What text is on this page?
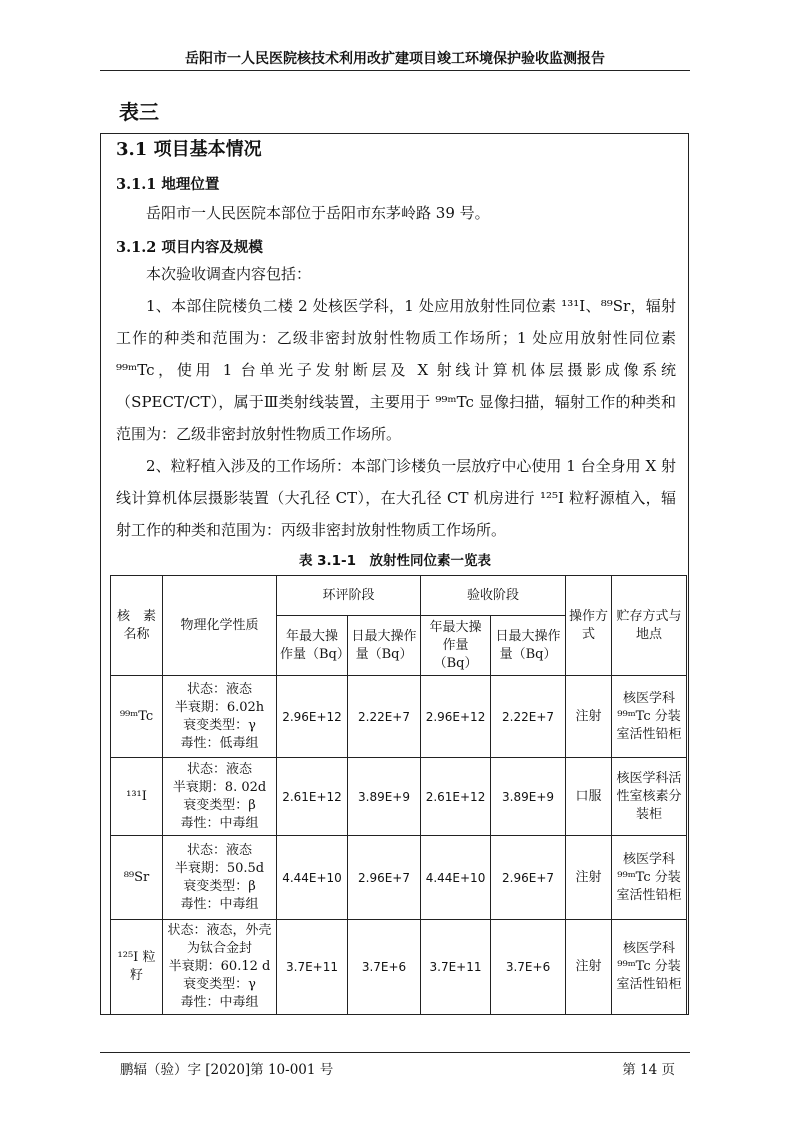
岳阳市一人民医院核技术利用改扩建项目竣工环境保护验收监测报告
表三
3.1 项目基本情况
3.1.1 地理位置

岳阳市一人民医院本部位于岳阳市东茅岭路 39 号。

3.1.2 项目内容及规模

本次验收调查内容包括：

1、本部住院楼负二楼 2 处核医学科，1 处应用放射性同位素 ¹³¹I、⁸⁹Sr，辐射工作的种类和范围为：乙级非密封放射性物质工作场所；1 处应用放射性同位素 ⁹⁹ᵐTc，使用 1 台单光子发射断层及 X 射线计算机体层摄影成像系统（SPECT/CT），属于Ⅲ类射线装置，主要用于 ⁹⁹ᵐTc 显像扫描，辐射工作的种类和范围为：乙级非密封放射性物质工作场所。

2、粒籽植入涉及的工作场所：本部门诊楼负一层放疗中心使用 1 台全身用 X 射线计算机体层摄影装置（大孔径 CT），在大孔径 CT 机房进行 ¹²⁵I 粒籽源植入，辐射工作的种类和范围为：丙级非密封放射性物质工作场所。

表 3.1-1　放射性同位素一览表
核　素名称	物理化学性质	环评阶段		验收阶段		操作方式	贮存方式与地点
		年最大操作量（Bq）	日最大操作量（Bq）	年最大操作量（Bq）	日最大操作量（Bq）		
⁹⁹ᵐTc	状态：液态
半衰期：6.02h
衰变类型：γ
毒性：低毒组	2.96E+12	2.22E+7	2.96E+12	2.22E+7	注射	核医学科⁹⁹ᵐTc 分装室活性铅柜
¹³¹I	状态：液态
半衰期：8. 02d
衰变类型：β
毒性：中毒组	2.61E+12	3.89E+9	2.61E+12	3.89E+9	口服	核医学科活性室核素分装柜
⁸⁹Sr	状态：液态
半衰期：50.5d
衰变类型：β
毒性：中毒组	4.44E+10	2.96E+7	4.44E+10	2.96E+7	注射	核医学科⁹⁹ᵐTc 分装室活性铅柜
¹²⁵I 粒籽	状态：液态，外壳为钛合金封
半衰期：60.12 d
衰变类型：γ
毒性：中毒组	3.7E+11	3.7E+6	3.7E+11	3.7E+6	注射	核医学科⁹⁹ᵐTc 分装室活性铅柜
鹏辐（验）字 [2020]第 10-001 号	第 14 页
